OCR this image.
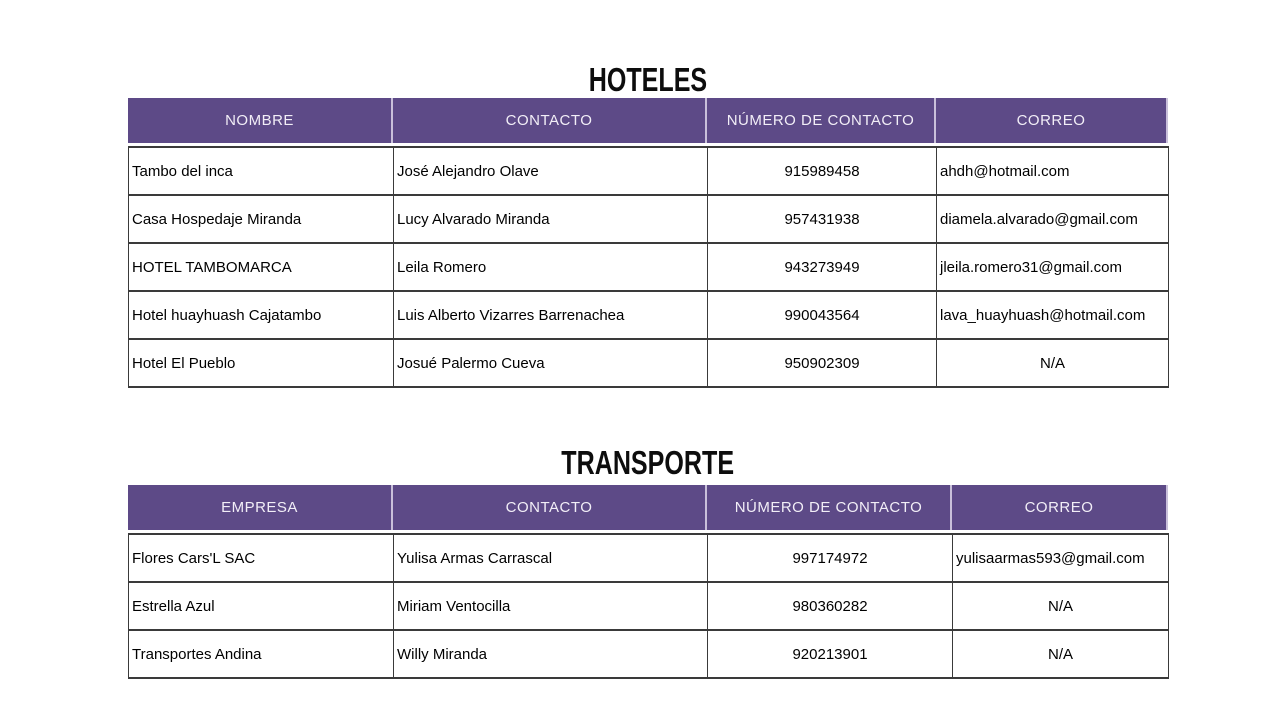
HOTELES
NOMBRE	CONTACTO	NÚMERO DE CONTACTO	CORREO
Tambo del inca	José Alejandro Olave	915989458	ahdh@hotmail.com
Casa Hospedaje Miranda	Lucy Alvarado Miranda	957431938	diamela.alvarado@gmail.com
HOTEL TAMBOMARCA	Leila Romero	943273949	jleila.romero31@gmail.com
Hotel huayhuash Cajatambo	Luis Alberto Vizarres Barrenachea	990043564	lava_huayhuash@hotmail.com
Hotel El Pueblo	Josué Palermo Cueva	950902309	N/A
TRANSPORTE
EMPRESA	CONTACTO	NÚMERO DE CONTACTO	CORREO
Flores Cars'L SAC	Yulisa Armas Carrascal	997174972	yulisaarmas593@gmail.com
Estrella Azul	Miriam Ventocilla	980360282	N/A
Transportes Andina	Willy Miranda	920213901	N/A
